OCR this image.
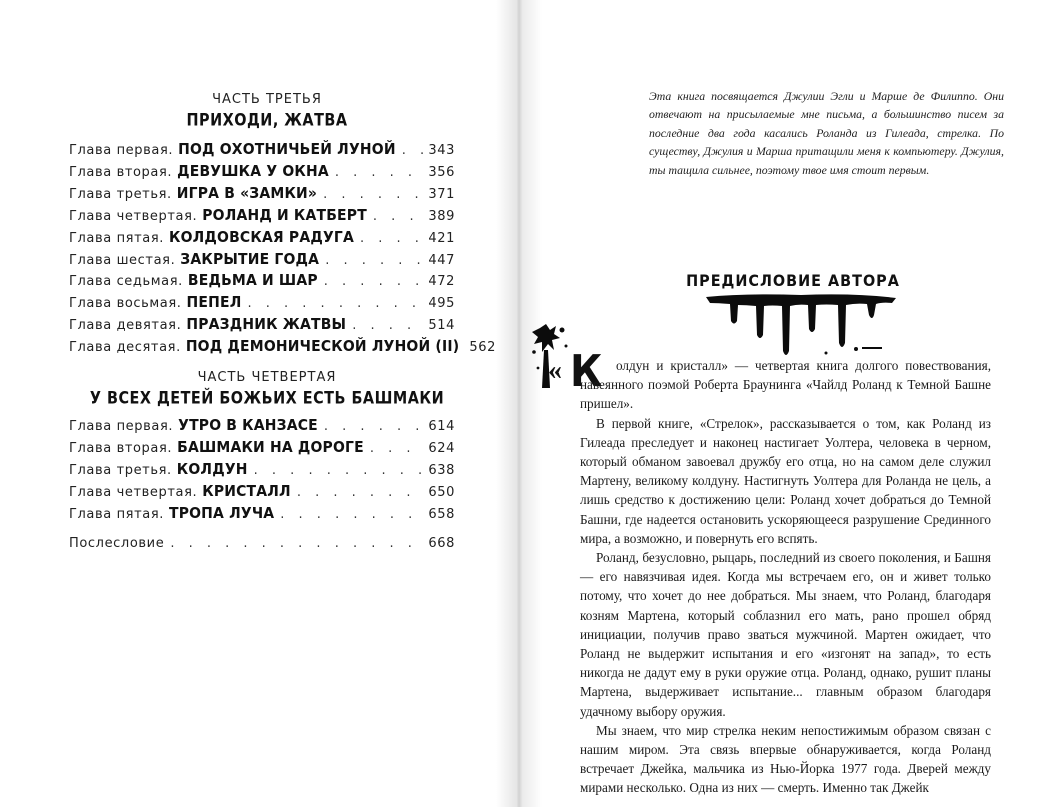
ЧАСТЬ ТРЕТЬЯ
ПРИХОДИ, ЖАТВА
Глава первая. ПОД ОХОТНИЧЬЕЙ ЛУНОЙ . . .	343
Глава вторая. ДЕВУШКА У ОКНА . . .	356
Глава третья. ИГРА В «ЗАМКИ» . . .	371
Глава четвертая. РОЛАНД И КАТБЕРТ . . .	389
Глава пятая. КОЛДОВСКАЯ РАДУГА . . .	421
Глава шестая. ЗАКРЫТИЕ ГОДА . . .	447
Глава седьмая. ВЕДЬМА И ШАР . . .	472
Глава восьмая. ПЕПЕЛ . . .	495
Глава девятая. ПРАЗДНИК ЖАТВЫ . . .	514
Глава десятая. ПОД ДЕМОНИЧЕСКОЙ ЛУНОЙ (II) . . . 562
ЧАСТЬ ЧЕТВЕРТАЯ
У ВСЕХ ДЕТЕЙ БОЖЬИХ ЕСТЬ БАШМАКИ
Глава первая. УТРО В КАНЗАСЕ . . .	614
Глава вторая. БАШМАКИ НА ДОРОГЕ . . .	624
Глава третья. КОЛДУН . . .	638
Глава четвертая. КРИСТАЛЛ . . .	650
Глава пятая. ТРОПА ЛУЧА . . .	658
Послесловие . . .	668
Эта книга посвящается Джулии Эгли и Марше де Филиппо. Они отвечают на присылаемые мне письма, а большинство писем за последние два года касались Роланда из Гилеада, стрелка. По существу, Джулия и Марша притащили меня к компьютеру. Джулия, ты тащила сильнее, поэтому твое имя стоит первым.
ПРЕДИСЛОВИЕ АВТОРА
« К	олдун и кристалл» — четвертая книга долгого повествования, навеянного поэмой Роберта Браунинга «Чайлд Роланд к Темной Башне пришел».

В первой книге, «Стрелок», рассказывается о том, как Роланд из Гилеада преследует и наконец настигает Уолтера, человека в черном, который обманом завоевал дружбу его отца, но на самом деле служил Мартену, великому колдуну. Настигнуть Уолтера для Роланда не цель, а лишь средство к достижению цели: Роланд хочет добраться до Темной Башни, где надеется остановить ускоряющееся разрушение Срединного мира, а возможно, и повернуть его вспять.

Роланд, безусловно, рыцарь, последний из своего поколения, и Башня — его навязчивая идея. Когда мы встречаем его, он и живет только потому, что хочет до нее добраться. Мы знаем, что Роланд, благодаря козням Мартена, который соблазнил его мать, рано прошел обряд инициации, получив право зваться мужчиной. Мартен ожидает, что Роланд не выдержит испытания и его «изгонят на запад», то есть никогда не дадут ему в руки оружие отца. Роланд, однако, рушит планы Мартена, выдерживает испытание... главным образом благодаря удачному выбору оружия.

Мы знаем, что мир стрелка неким непостижимым образом связан с нашим миром. Эта связь впервые обнаруживается, когда Роланд встречает Джейка, мальчика из Нью-Йорка 1977 года. Дверей между мирами несколько. Одна из них — смерть. Именно так Джейк
